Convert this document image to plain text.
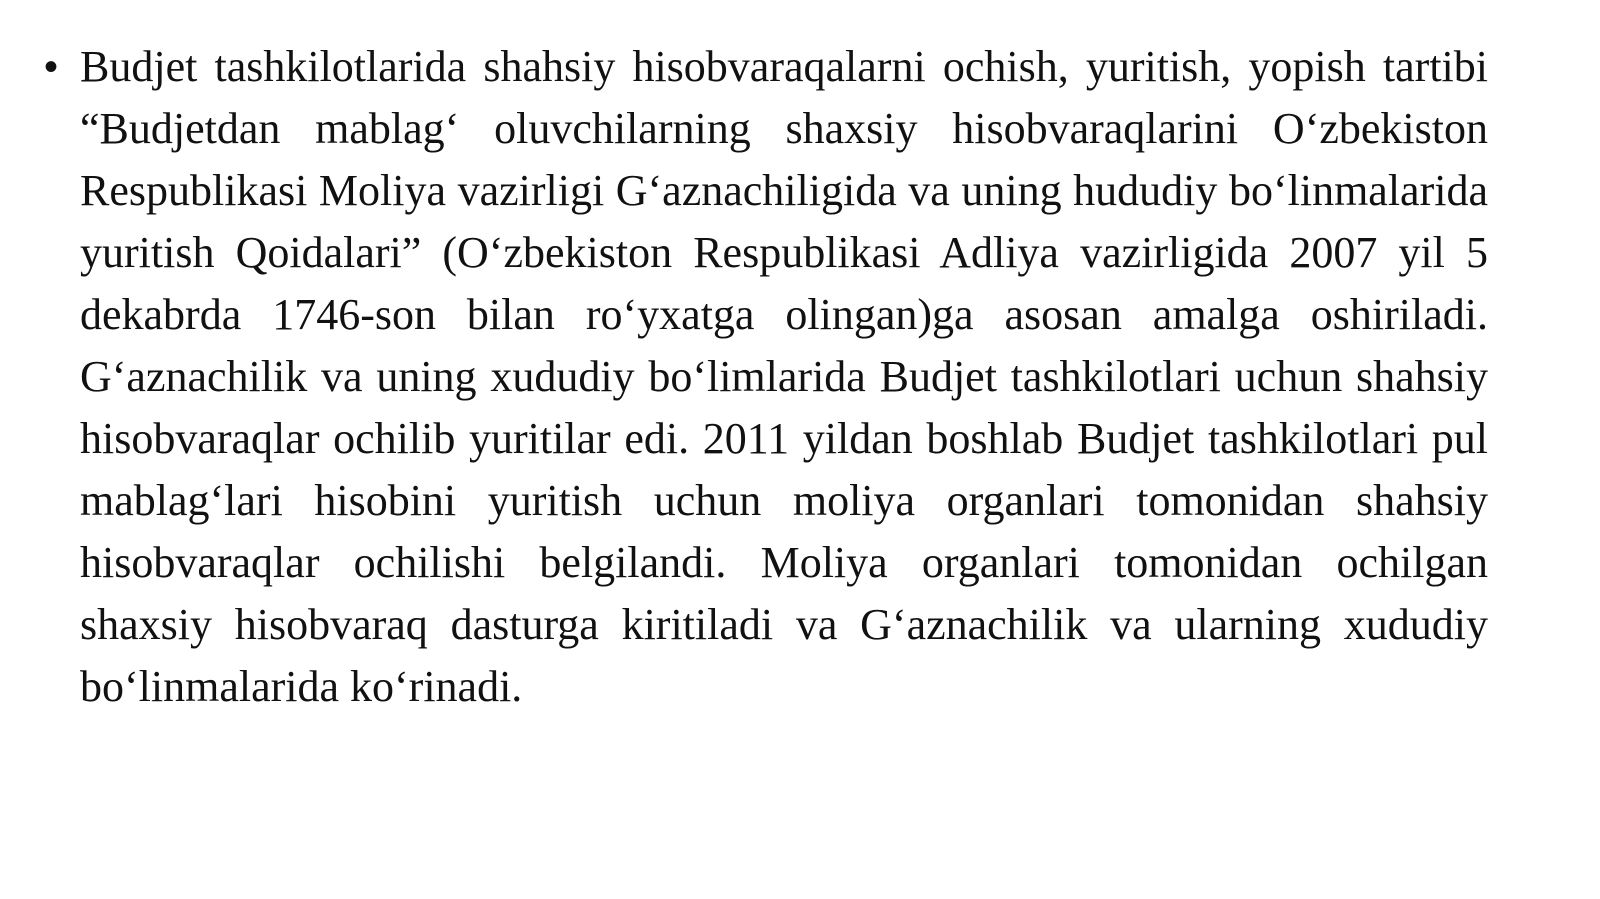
• Budjet tashkilotlarida shahsiy hisobvaraqalarni ochish, yuritish, yopish tartibi “Budjetdan mablag‘ oluvchilarning shaxsiy hisobvaraqlarini O‘zbekiston Respublikasi Moliya vazirligi G‘aznachiligida va uning hududiy bo‘linmalarida yuritish Qoidalari” (O‘zbekiston Respublikasi Adliya vazirligida 2007 yil 5 dekabrda 1746-son bilan ro‘yxatga olingan)ga asosan amalga oshiriladi. G‘aznachilik va uning xududiy bo‘limlarida Budjet tashkilotlari uchun shahsiy hisobvaraqlar ochilib yuritilar edi. 2011 yildan boshlab Budjet tashkilotlari pul mablag‘lari hisobini yuritish uchun moliya organlari tomonidan shahsiy hisobvaraqlar ochilishi belgilandi. Moliya organlari tomonidan ochilgan shaxsiy hisobvaraq dasturga kiritiladi va G‘aznachilik va ularning xududiy bo‘linmalarida ko‘rinadi.
